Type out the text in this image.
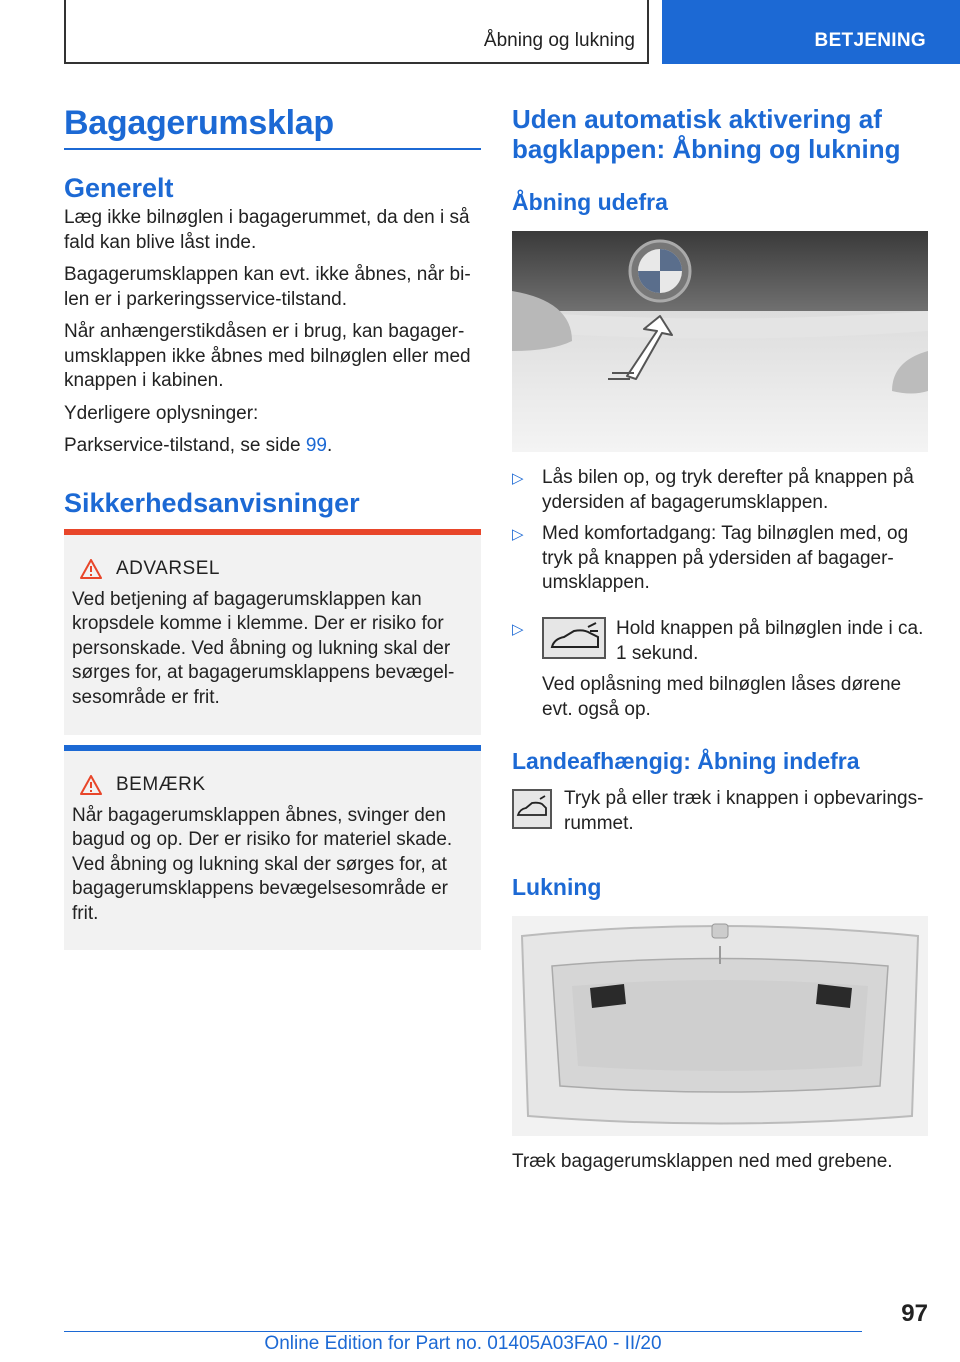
Åbning og lukning	BETJENING
Bagagerumsklap
Generelt

Læg ikke bilnøglen i bagagerummet, da den i så fald kan blive låst inde.

Bagagerumsklappen kan evt. ikke åbnes, når bilen er i parkeringsservice-tilstand.

Når anhængerstikdåsen er i brug, kan bagagerumsklappen ikke åbnes med bilnøglen eller med knappen i kabinen.

Yderligere oplysninger:

Parkservice-tilstand, se side 99.

Sikkerhedsanvisninger
ADVARSEL
Ved betjening af bagagerumsklappen kan kropsdele komme i klemme. Der er risiko for personskade. Ved åbning og lukning skal der sørges for, at bagagerumsklappens bevægelsesområde er frit.
BEMÆRK
Når bagagerumsklappen åbnes, svinger den bagud og op. Der er risiko for materiel skade. Ved åbning og lukning skal der sørges for, at bagagerumsklappens bevægelsesområde er frit.
Uden automatisk aktivering af bagklappen: Åbning og lukning
Åbning udefra
▷ Lås bilen op, og tryk derefter på knappen på ydersiden af bagagerumsklappen.
▷ Med komfortadgang: Tag bilnøglen med, og tryk på knappen på ydersiden af bagagerumsklappen.
▷	Hold knappen på bilnøglen inde i ca. 1 sekund.
Ved oplåsning med bilnøglen låses dørene evt. også op.
Landeafhængig: Åbning indefra
Tryk på eller træk i knappen i opbevaringsrummet.
Lukning
Træk bagagerumsklappen ned med grebene.
97
Online Edition for Part no. 01405A03FA0 - II/20
